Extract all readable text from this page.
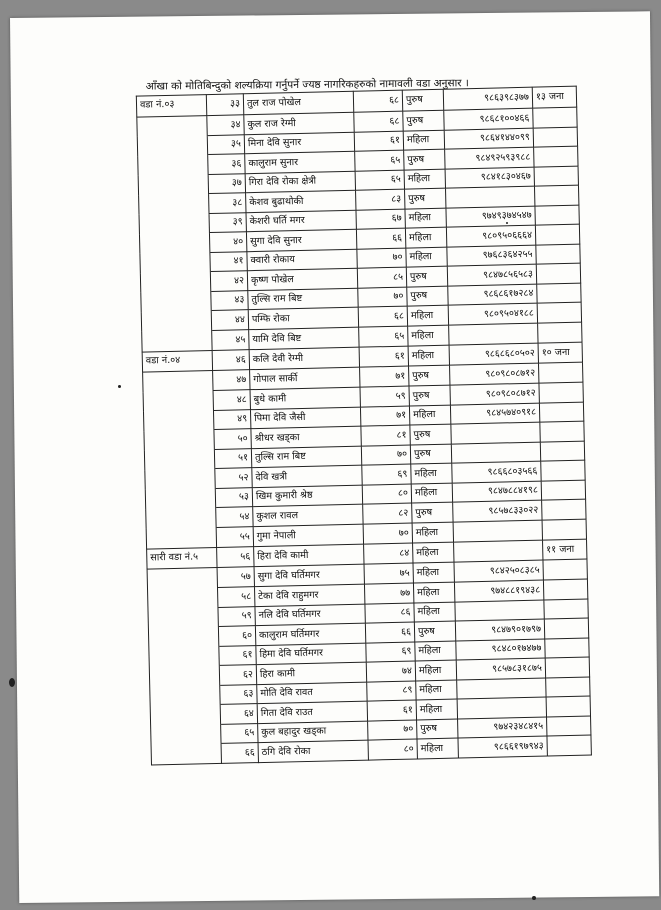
आँखा को मोतिबिन्दुको शल्यक्रिया गर्नुपर्ने ज्यष्ठ नागरिकहरुको नामावली वडा अनुसार ।
वडा नं.०३	३३	तुल राज पोखेल	६८	पुरुष	९८६३९८३७७	१३ जना
	३४	कुल राज रेग्मी	६८	पुरुष	९८६८१००४६६	
	३५	मिना देवि सुनार	६१	महिला	९८६४१४४०९९	
	३६	कालुराम सुनार	६५	पुरुष	९८४९२५९३९८८	
	३७	गिरा देवि रोका क्षेत्री	६५	महिला	९८४१८३०४६७	
	३८	केशव बुढाथोकी	८३	पुरुष		
	३९	केशरी घर्ति मगर	६७	महिला	९७४९३७४५४७	
	४०	सुगा देवि सुनार	६६	महिला	९८०९५०६६६४	
	४१	क्वारी रोकाय	७०	महिला	९७६८३६४२५५	
	४२	कृष्ण पोखेल	८५	पुरुष	९८४७८५६५८३	
	४३	तुल्सि राम बिष्ट	७०	पुरुष	९८६८६१७२८४	
	४४	पम्फि रोका	६८	महिला	९८०९५०४१८८	
	४५	यामि देवि बिष्ट	६५	महिला		
वडा नं.०४	४६	कलि देवी रेग्मी	६१	महिला	९८६८६८०५०२	१० जना
	४७	गोपाल सार्की	७१	पुरुष	९८०९८०८७१२	
	४८	बुधे कामी	५९	पुरुष	९८०९८०८७१२	
	४९	पिमा देवि जैसी	७१	महिला	९८४५७४०९१८	
	५०	श्रीधर खड्का	८१	पुरुष		
	५१	तुल्सि राम बिष्ट	७०	पुरुष		
	५२	देवि खत्री	६९	महिला	९८६६८०३५६६	
	५३	खिम कुमारी श्रेष्ठ	८०	महिला	९८४७८८४१९८	
	५४	कुशल रावल	८२	पुरुष	९८५७८३३०२२	
	५५	गुमा नेपाली	७०	महिला		
सारी वडा नं.५	५६	हिरा देवि कामी	८४	महिला		११ जना
	५७	सुगा देवि घर्तिमगर	७५	महिला	९८४२५०८३८५	
	५८	टेका देवि राहुमगर	७७	महिला	९७४८८१९४३८	
	५९	नलि देवि घर्तिमगर	८६	महिला		
	६०	कालुराम घर्तिमगर	६६	पुरुष	९८४७९०१७९७	
	६१	हिमा देवि घर्तिमगर	६९	महिला	९८४८०१७४७७	
	६२	हिरा कामी	७४	महिला	९८५७८३१८७५	
	६३	मोति देवि रावत	८९	महिला		
	६४	गिता देवि राउत	६१	महिला		
	६५	कुल बहादुर खड्का	७०	पुरुष	९७४२३४८४१५	
	६६	ठगि देवि रोका	८०	महिला	९८६६१९७९४३	
